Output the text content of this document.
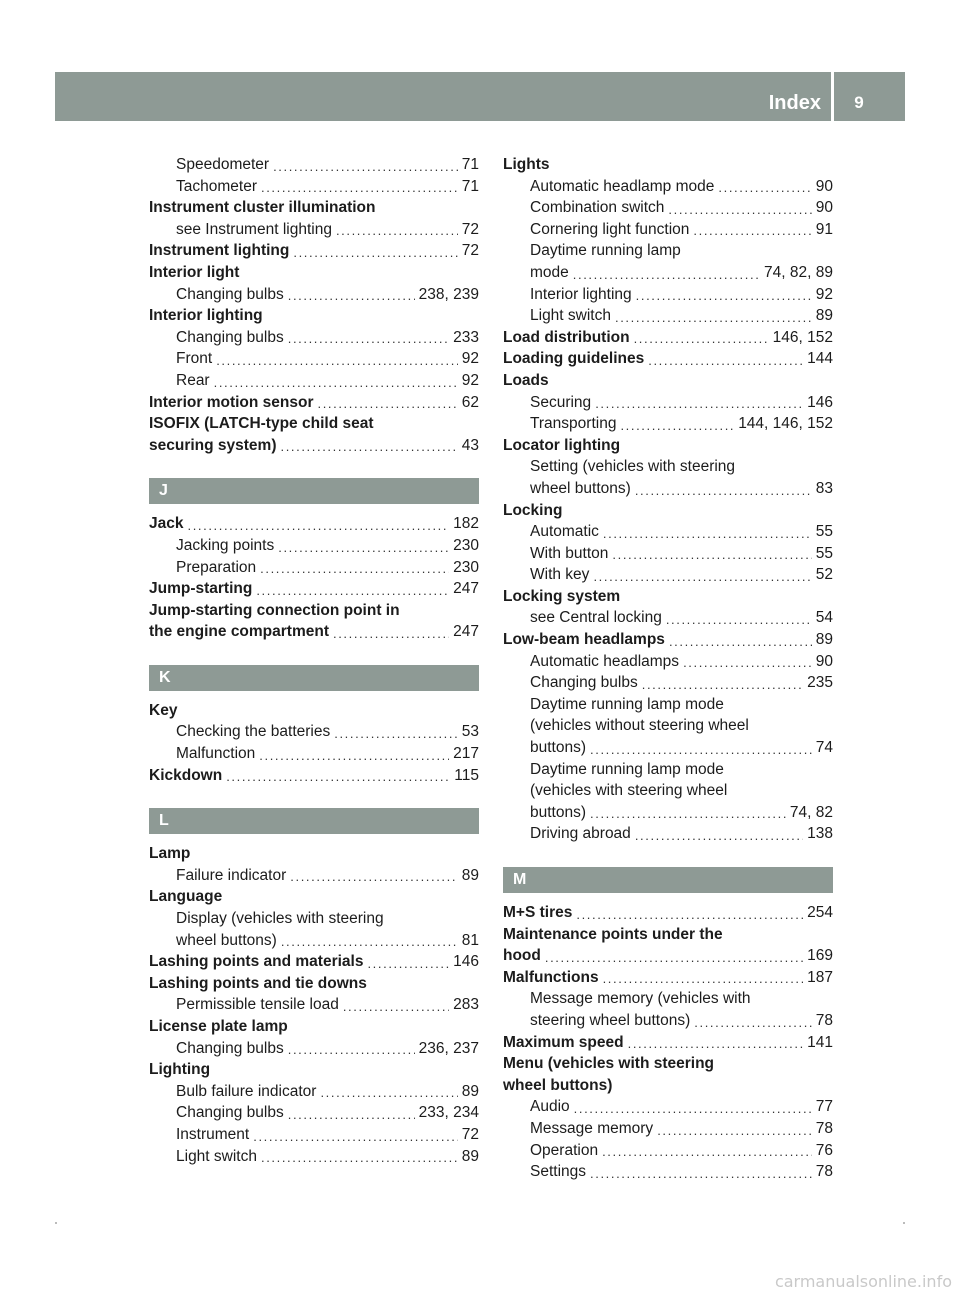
Index	9
Speedometer .....	71
Tachometer .....	71
Instrument cluster illumination
see Instrument lighting .....	72
Instrument lighting .....	72
Interior light
Changing bulbs .....	238, 239
Interior lighting
Changing bulbs .....	233
Front .....	92
Rear .....	92
Interior motion sensor .....	62
ISOFIX (LATCH-type child seat
securing system) .....	43
J
Jack .....	182
Jacking points .....	230
Preparation .....	230
Jump-starting .....	247
Jump-starting connection point in
the engine compartment .....	247
K
Key
Checking the batteries .....	53
Malfunction .....	217
Kickdown .....	115
L
Lamp
Failure indicator .....	89
Language
Display (vehicles with steering
wheel buttons) .....	81
Lashing points and materials .....	146
Lashing points and tie downs
Permissible tensile load .....	283
License plate lamp
Changing bulbs .....	236, 237
Lighting
Bulb failure indicator .....	89
Changing bulbs .....	233, 234
Instrument .....	72
Light switch .....	89
Lights
Automatic headlamp mode .....	90
Combination switch .....	90
Cornering light function .....	91
Daytime running lamp
mode .....	74, 82, 89
Interior lighting .....	92
Light switch .....	89
Load distribution .....	146, 152
Loading guidelines .....	144
Loads
Securing .....	146
Transporting .....	144, 146, 152
Locator lighting
Setting (vehicles with steering
wheel buttons) .....	83
Locking
Automatic .....	55
With button .....	55
With key .....	52
Locking system
see Central locking .....	54
Low-beam headlamps .....	89
Automatic headlamps .....	90
Changing bulbs .....	235
Daytime running lamp mode
(vehicles without steering wheel
buttons) .....	74
Daytime running lamp mode
(vehicles with steering wheel
buttons) .....	74, 82
Driving abroad .....	138
M
M+S tires .....	254
Maintenance points under the
hood .....	169
Malfunctions .....	187
Message memory (vehicles with
steering wheel buttons) .....	78
Maximum speed .....	141
Menu (vehicles with steering
wheel buttons)
Audio .....	77
Message memory .....	78
Operation .....	76
Settings .....	78
carmanualsonline.info
